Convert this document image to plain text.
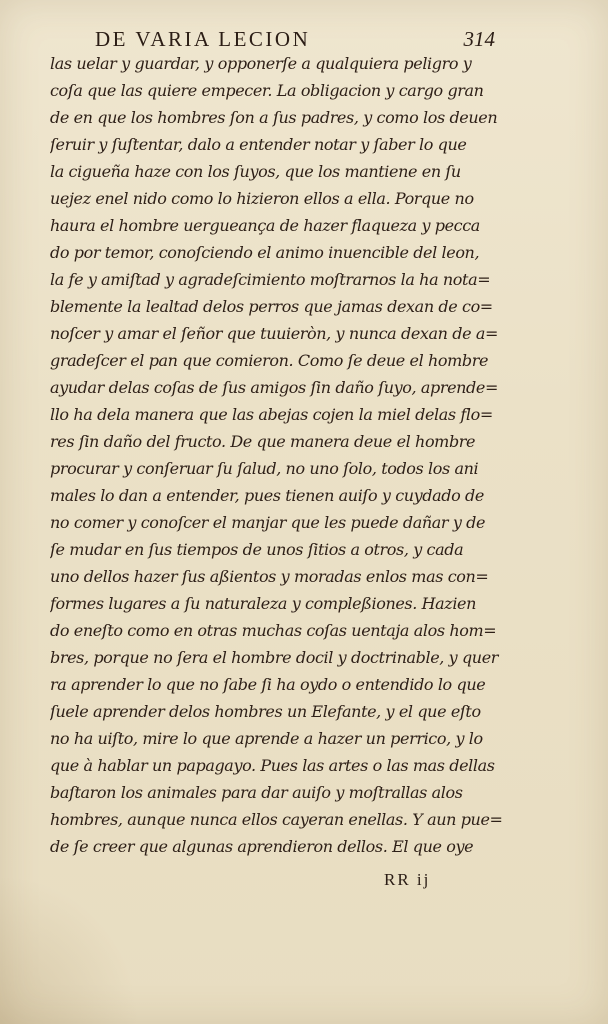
DE VARIA LECION	314
las uelar y guardar, y opponerſe a qualquiera peligro y
coſa que las quiere empecer. La obligacion y cargo gran
de en que los hombres ſon a ſus padres, y como los deuen
ſeruir y ſuſtentar, dalo a entender notar y ſaber lo que
la cigueña haze con los ſuyos, que los mantiene en ſu
uejez enel nido como lo hizieron ellos a ella. Porque no
haura el hombre uergueança de hazer flaqueza y pecca
do por temor, conoſciendo el animo inuencible del leon,
la fe y amiſtad y agradeſcimiento moſtrarnos la ha nota=
blemente la lealtad delos perros que jamas dexan de co=
noſcer y amar el ſeñor que tuuieròn, y nunca dexan de a=
gradeſcer el pan que comieron. Como ſe deue el hombre
ayudar delas coſas de ſus amigos ſin daño ſuyo, aprende=
llo ha dela manera que las abejas cojen la miel delas flo=
res ſin daño del fructo. De que manera deue el hombre
procurar y conſeruar ſu ſalud, no uno ſolo, todos los ani
males lo dan a entender, pues tienen auiſo y cuydado de
no comer y conoſcer el manjar que les puede dañar y de
ſe mudar en ſus tiempos de unos ſitios a otros, y cada
uno dellos hazer ſus aßientos y moradas enlos mas con=
formes lugares a ſu naturaleza y compleßiones. Hazien
do eneſto como en otras muchas coſas uentaja alos hom=
bres, porque no ſera el hombre docil y doctrinable, y quer
ra aprender lo que no ſabe ſi ha oydo o entendido lo que
ſuele aprender delos hombres un Elefante, y el que eſto
no ha uiſto, mire lo que aprende a hazer un perrico, y lo
que à hablar un papagayo. Pues las artes o las mas dellas
baſtaron los animales para dar auiſo y moſtrallas alos
hombres, aunque nunca ellos cayeran enellas. Y aun pue=
de ſe creer que algunas aprendieron dellos. El que oye
RR ij
